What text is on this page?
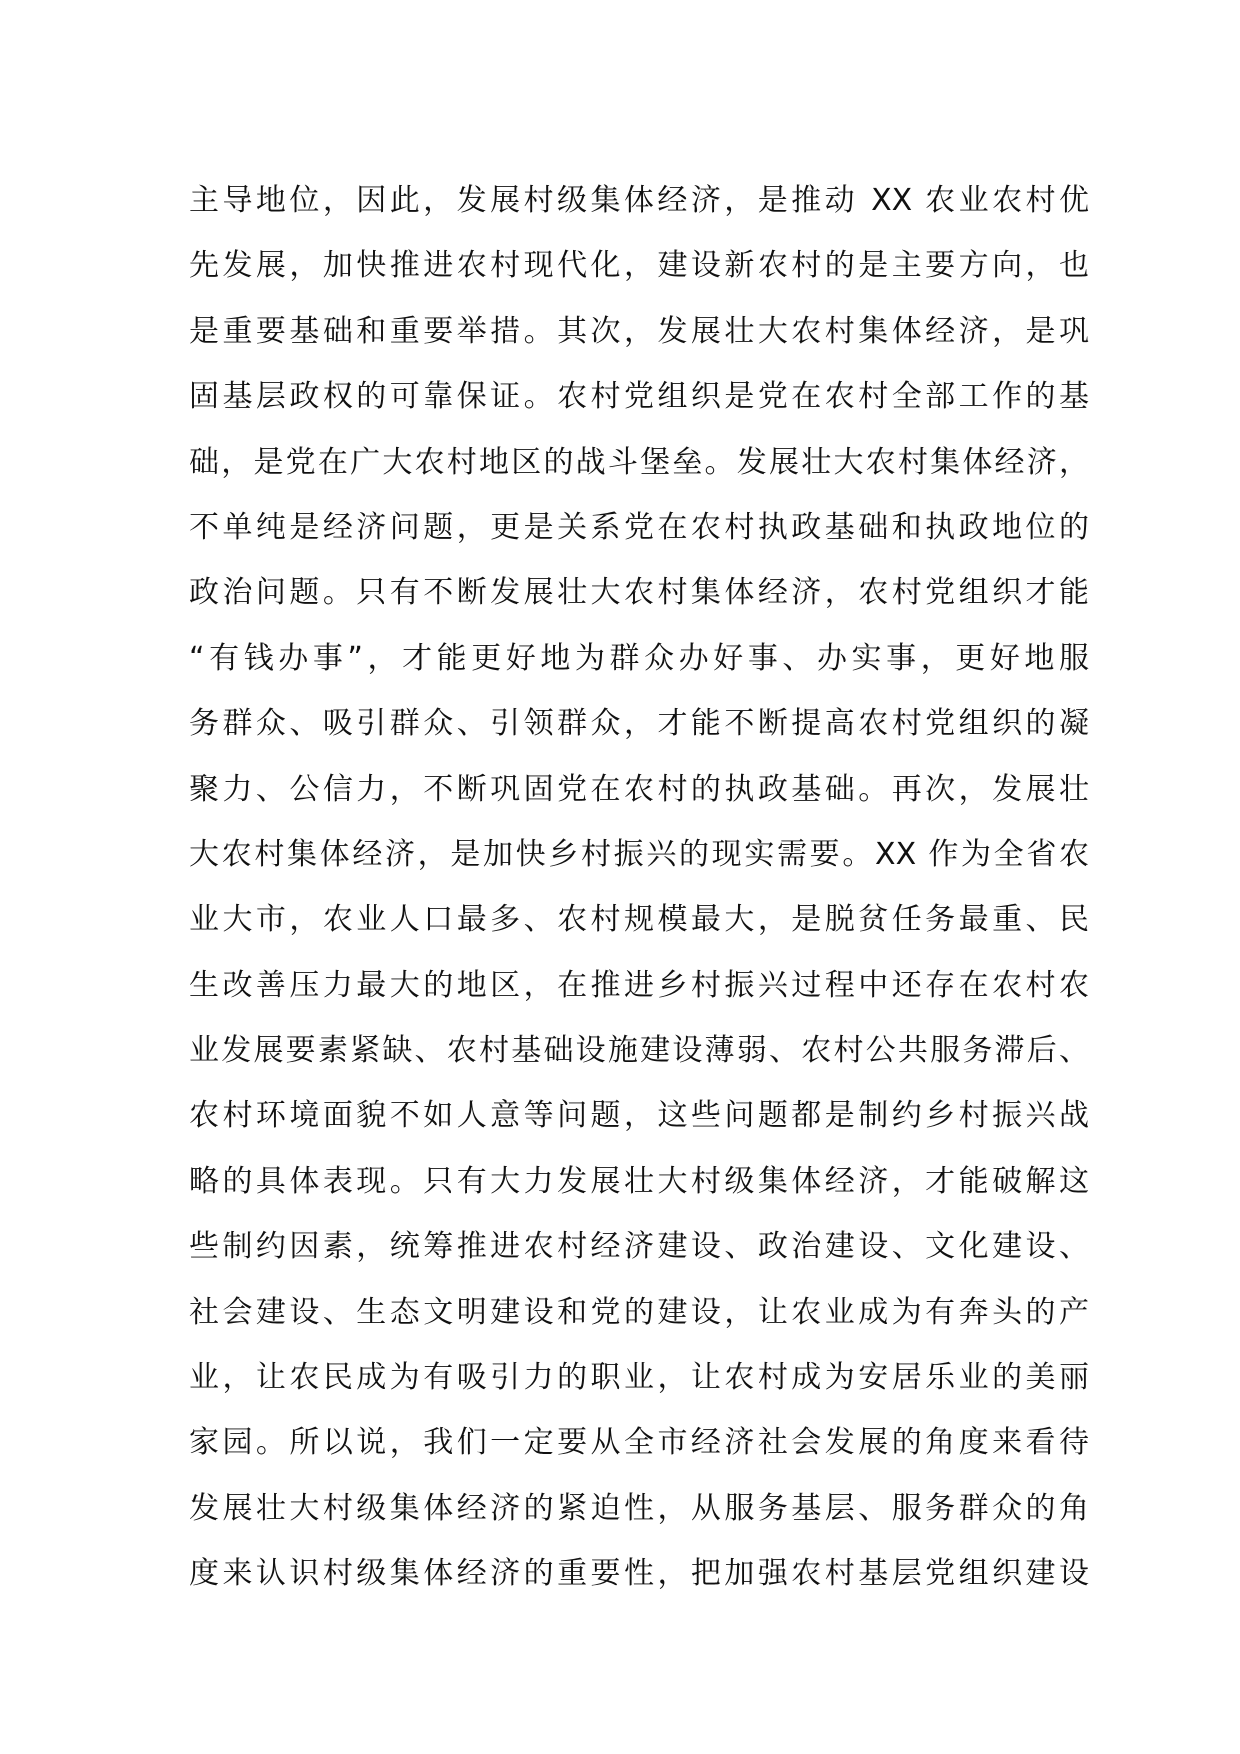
主导地位，因此，发展村级集体经济，是推动 XX 农业农村优
先发展，加快推进农村现代化，建设新农村的是主要方向，也
是重要基础和重要举措。其次，发展壮大农村集体经济，是巩
固基层政权的可靠保证。农村党组织是党在农村全部工作的基
础，是党在广大农村地区的战斗堡垒。发展壮大农村集体经济，
不单纯是经济问题，更是关系党在农村执政基础和执政地位的
政治问题。只有不断发展壮大农村集体经济，农村党组织才能
“有钱办事”，才能更好地为群众办好事、办实事，更好地服
务群众、吸引群众、引领群众，才能不断提高农村党组织的凝
聚力、公信力，不断巩固党在农村的执政基础。再次，发展壮
大农村集体经济，是加快乡村振兴的现实需要。XX 作为全省农
业大市，农业人口最多、农村规模最大，是脱贫任务最重、民
生改善压力最大的地区，在推进乡村振兴过程中还存在农村农
业发展要素紧缺、农村基础设施建设薄弱、农村公共服务滞后、
农村环境面貌不如人意等问题，这些问题都是制约乡村振兴战
略的具体表现。只有大力发展壮大村级集体经济，才能破解这
些制约因素，统筹推进农村经济建设、政治建设、文化建设、
社会建设、生态文明建设和党的建设，让农业成为有奔头的产
业，让农民成为有吸引力的职业，让农村成为安居乐业的美丽
家园。所以说，我们一定要从全市经济社会发展的角度来看待
发展壮大村级集体经济的紧迫性，从服务基层、服务群众的角
度来认识村级集体经济的重要性，把加强农村基层党组织建设
